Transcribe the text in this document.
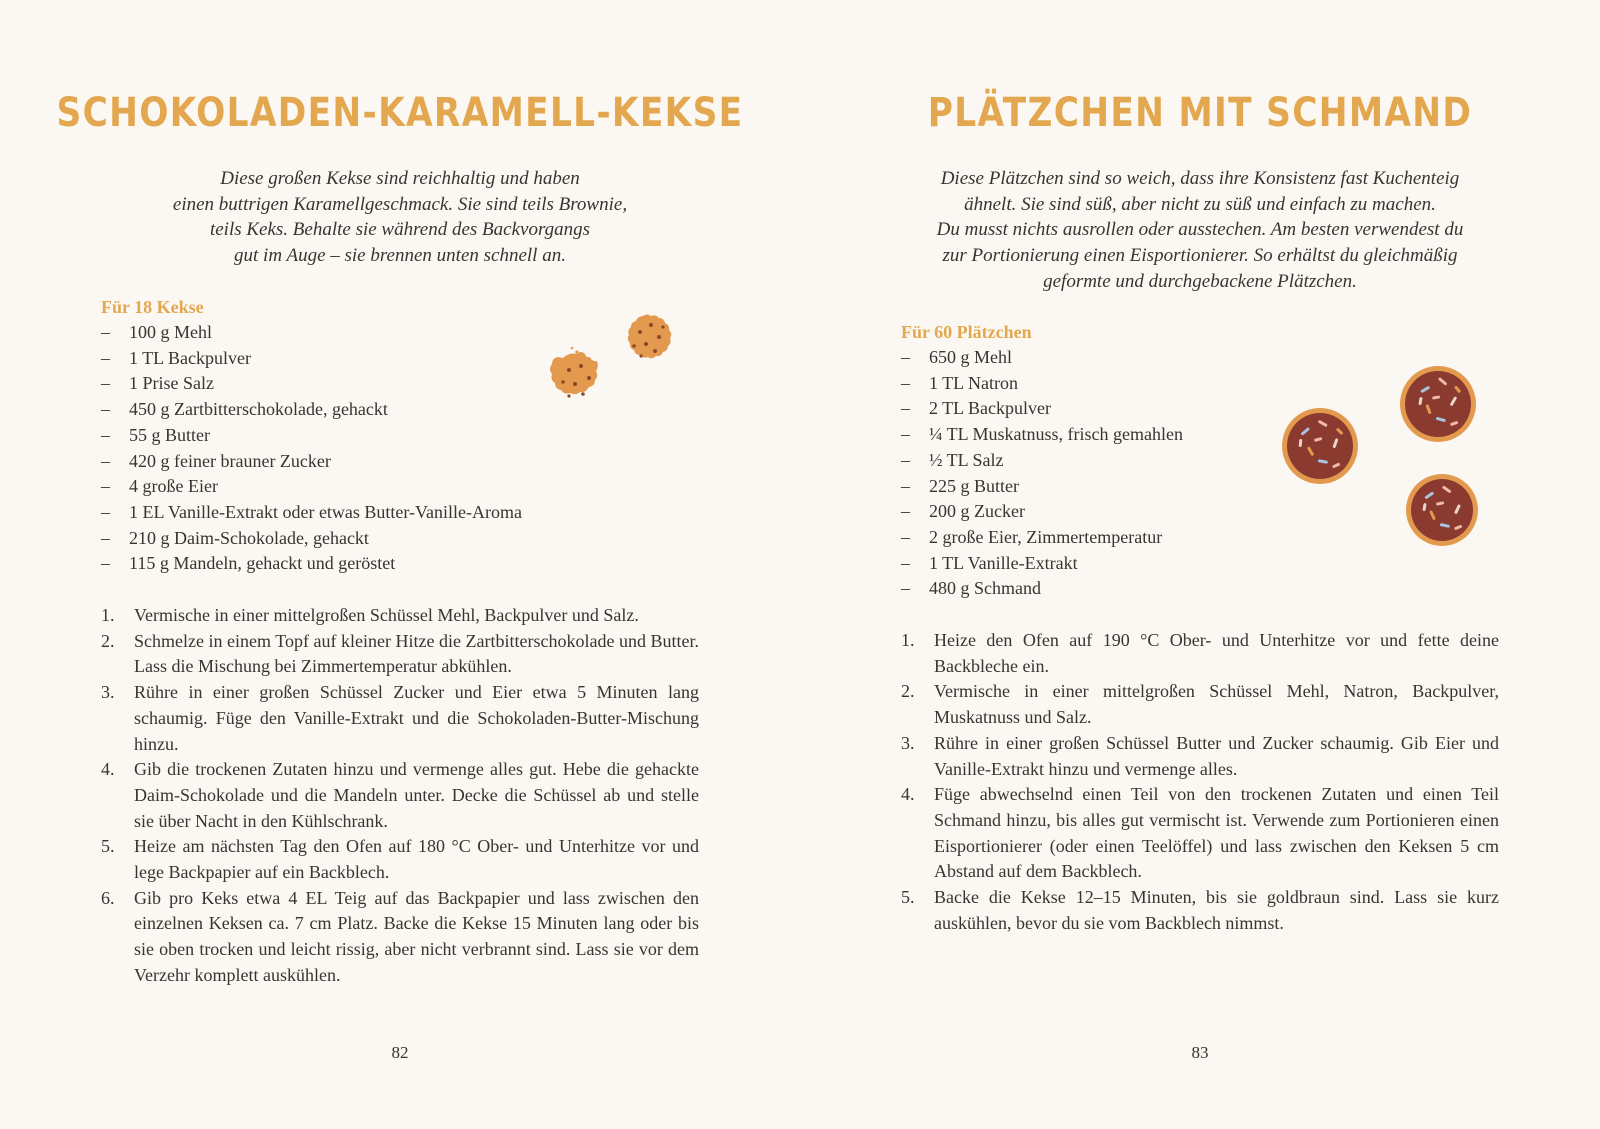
SCHOKOLADEN-KARAMELL-KEKSE

Diese großen Kekse sind reichhaltig und haben
einen buttrigen Karamellgeschmack. Sie sind teils Brownie,
teils Keks. Behalte sie während des Backvorgangs
gut im Auge – sie brennen unten schnell an.

Für 18 Kekse

– 100 g Mehl
– 1 TL Backpulver
– 1 Prise Salz
– 450 g Zartbitterschokolade, gehackt
– 55 g Butter
– 420 g feiner brauner Zucker
– 4 große Eier
– 1 EL Vanille-Extrakt oder etwas Butter-Vanille-Aroma
– 210 g Daim-Schokolade, gehackt
– 115 g Mandeln, gehackt und geröstet
1. Vermische in einer mittelgroßen Schüssel Mehl, Backpulver und Salz.
2. Schmelze in einem Topf auf kleiner Hitze die Zartbitterschokolade und Butter. Lass die Mischung bei Zimmertemperatur abkühlen.
3. Rühre in einer großen Schüssel Zucker und Eier etwa 5 Minuten lang schaumig. Füge den Vanille-Extrakt und die Schokoladen-Butter-Mischung hinzu.
4. Gib die trockenen Zutaten hinzu und vermenge alles gut. Hebe die gehackte Daim-Schokolade und die Mandeln unter. Decke die Schüssel ab und stelle sie über Nacht in den Kühlschrank.
5. Heize am nächsten Tag den Ofen auf 180 °C Ober- und Unterhitze vor und lege Backpapier auf ein Backblech.
6. Gib pro Keks etwa 4 EL Teig auf das Backpapier und lass zwischen den einzelnen Keksen ca. 7 cm Platz. Backe die Kekse 15 Minuten lang oder bis sie oben trocken und leicht rissig, aber nicht verbrannt sind. Lass sie vor dem Verzehr komplett auskühlen.

82

PLÄTZCHEN MIT SCHMAND

Diese Plätzchen sind so weich, dass ihre Konsistenz fast Kuchenteig
ähnelt. Sie sind süß, aber nicht zu süß und einfach zu machen.
Du musst nichts ausrollen oder ausstechen. Am besten verwendest du
zur Portionierung einen Eisportionierer. So erhältst du gleichmäßig
geformte und durchgebackene Plätzchen.

Für 60 Plätzchen

– 650 g Mehl
– 1 TL Natron
– 2 TL Backpulver
– ¼ TL Muskatnuss, frisch gemahlen
– ½ TL Salz
– 225 g Butter
– 200 g Zucker
– 2 große Eier, Zimmertemperatur
– 1 TL Vanille-Extrakt
– 480 g Schmand
1. Heize den Ofen auf 190 °C Ober- und Unterhitze vor und fette deine Backbleche ein.
2. Vermische in einer mittelgroßen Schüssel Mehl, Natron, Backpulver, Muskatnuss und Salz.
3. Rühre in einer großen Schüssel Butter und Zucker schaumig. Gib Eier und Vanille-Extrakt hinzu und vermenge alles.
4. Füge abwechselnd einen Teil von den trockenen Zutaten und einen Teil Schmand hinzu, bis alles gut vermischt ist. Verwende zum Portionieren einen Eisportionierer (oder einen Teelöffel) und lass zwischen den Keksen 5 cm Abstand auf dem Backblech.
5. Backe die Kekse 12–15 Minuten, bis sie goldbraun sind. Lass sie kurz auskühlen, bevor du sie vom Backblech nimmst.

83
